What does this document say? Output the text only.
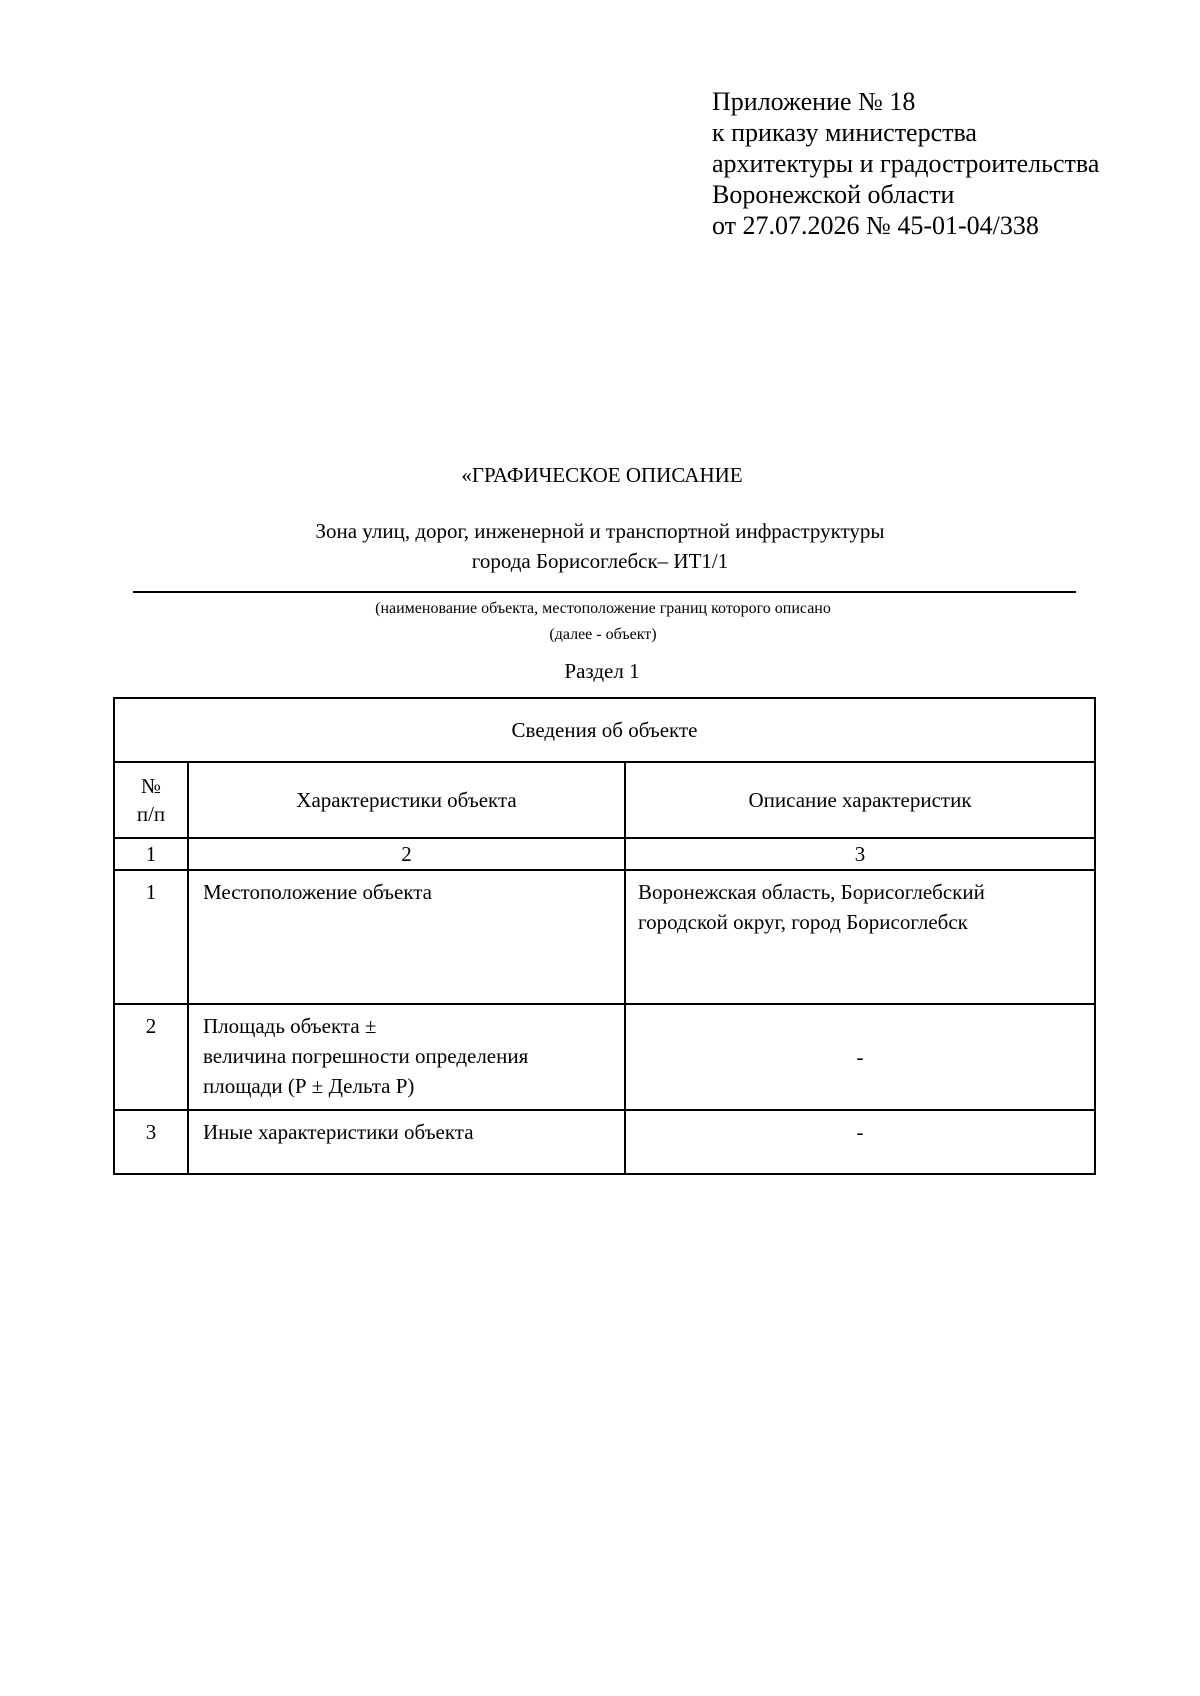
Приложение № 18
к приказу министерства
архитектуры и градостроительства
Воронежской области
от 27.07.2026 № 45-01-04/338
«ГРАФИЧЕСКОЕ ОПИСАНИЕ
Зона улиц, дорог, инженерной и транспортной инфраструктуры
города Борисоглебск– ИТ1/1
(наименование объекта, местоположение границ которого описано
(далее - объект)
Раздел 1
Сведения об объекте		

№
п/п	Характеристики объекта	Описание характеристик
1	2	3
1	Местоположение объекта	Воронежская область, Борисоглебский
городской округ, город Борисоглебск

2	Площадь объекта ±
величина погрешности определения
площади (Р ± Дельта Р)	-
3	Иные характеристики объекта	-
